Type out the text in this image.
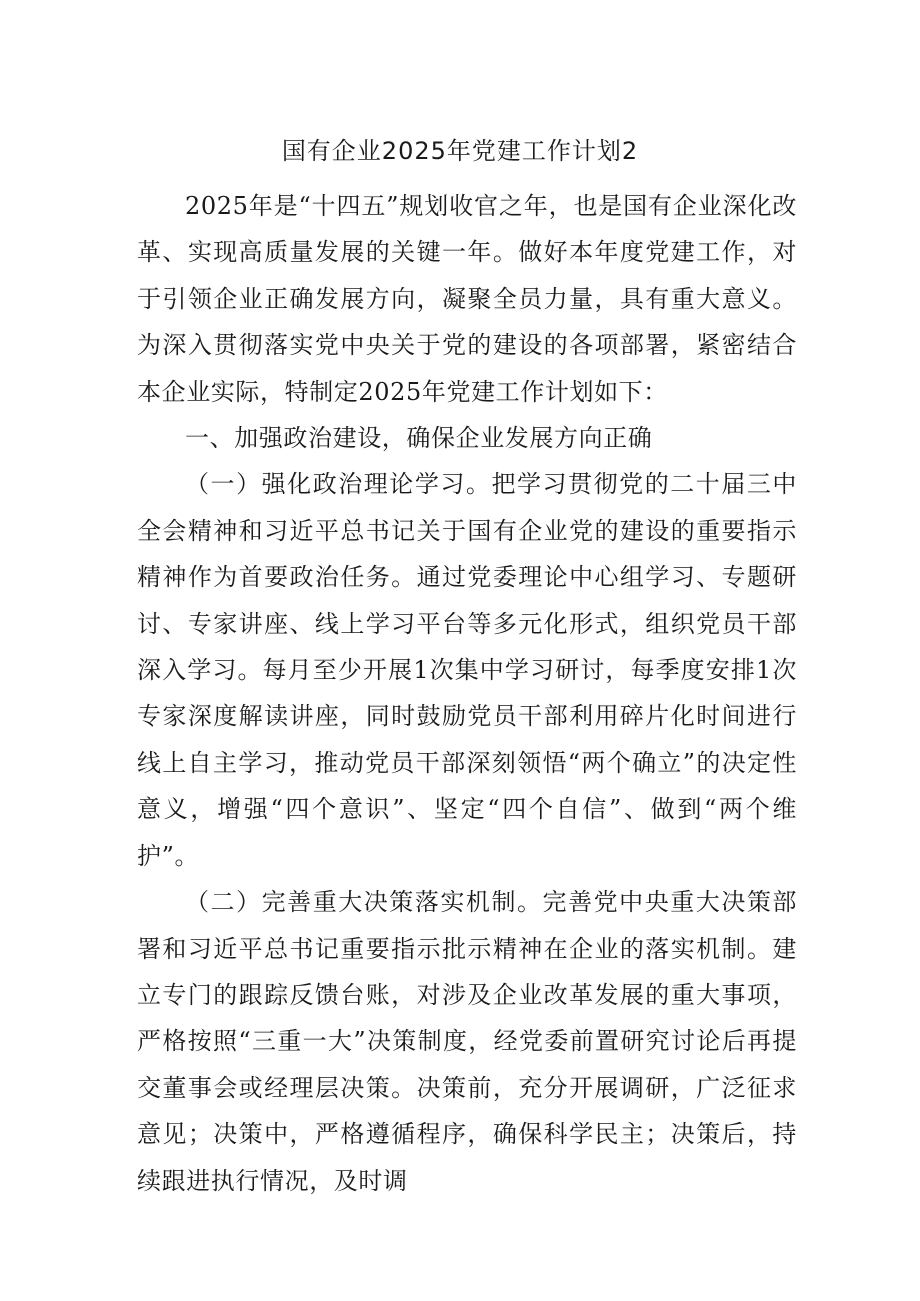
国有企业2025年党建工作计划2

2025年是“十四五”规划收官之年，也是国有企业深化改革、实现高质量发展的关键一年。做好本年度党建工作，对于引领企业正确发展方向，凝聚全员力量，具有重大意义。为深入贯彻落实党中央关于党的建设的各项部署，紧密结合本企业实际，特制定2025年党建工作计划如下：

一、加强政治建设，确保企业发展方向正确

（一）强化政治理论学习。把学习贯彻党的二十届三中全会精神和习近平总书记关于国有企业党的建设的重要指示精神作为首要政治任务。通过党委理论中心组学习、专题研讨、专家讲座、线上学习平台等多元化形式，组织党员干部深入学习。每月至少开展1次集中学习研讨，每季度安排1次专家深度解读讲座，同时鼓励党员干部利用碎片化时间进行线上自主学习，推动党员干部深刻领悟“两个确立”的决定性意义，增强“四个意识”、坚定“四个自信”、做到“两个维护”。

（二）完善重大决策落实机制。完善党中央重大决策部署和习近平总书记重要指示批示精神在企业的落实机制。建立专门的跟踪反馈台账，对涉及企业改革发展的重大事项，严格按照“三重一大”决策制度，经党委前置研究讨论后再提交董事会或经理层决策。决策前，充分开展调研，广泛征求意见；决策中，严格遵循程序，确保科学民主；决策后，持续跟进执行情况，及时调
